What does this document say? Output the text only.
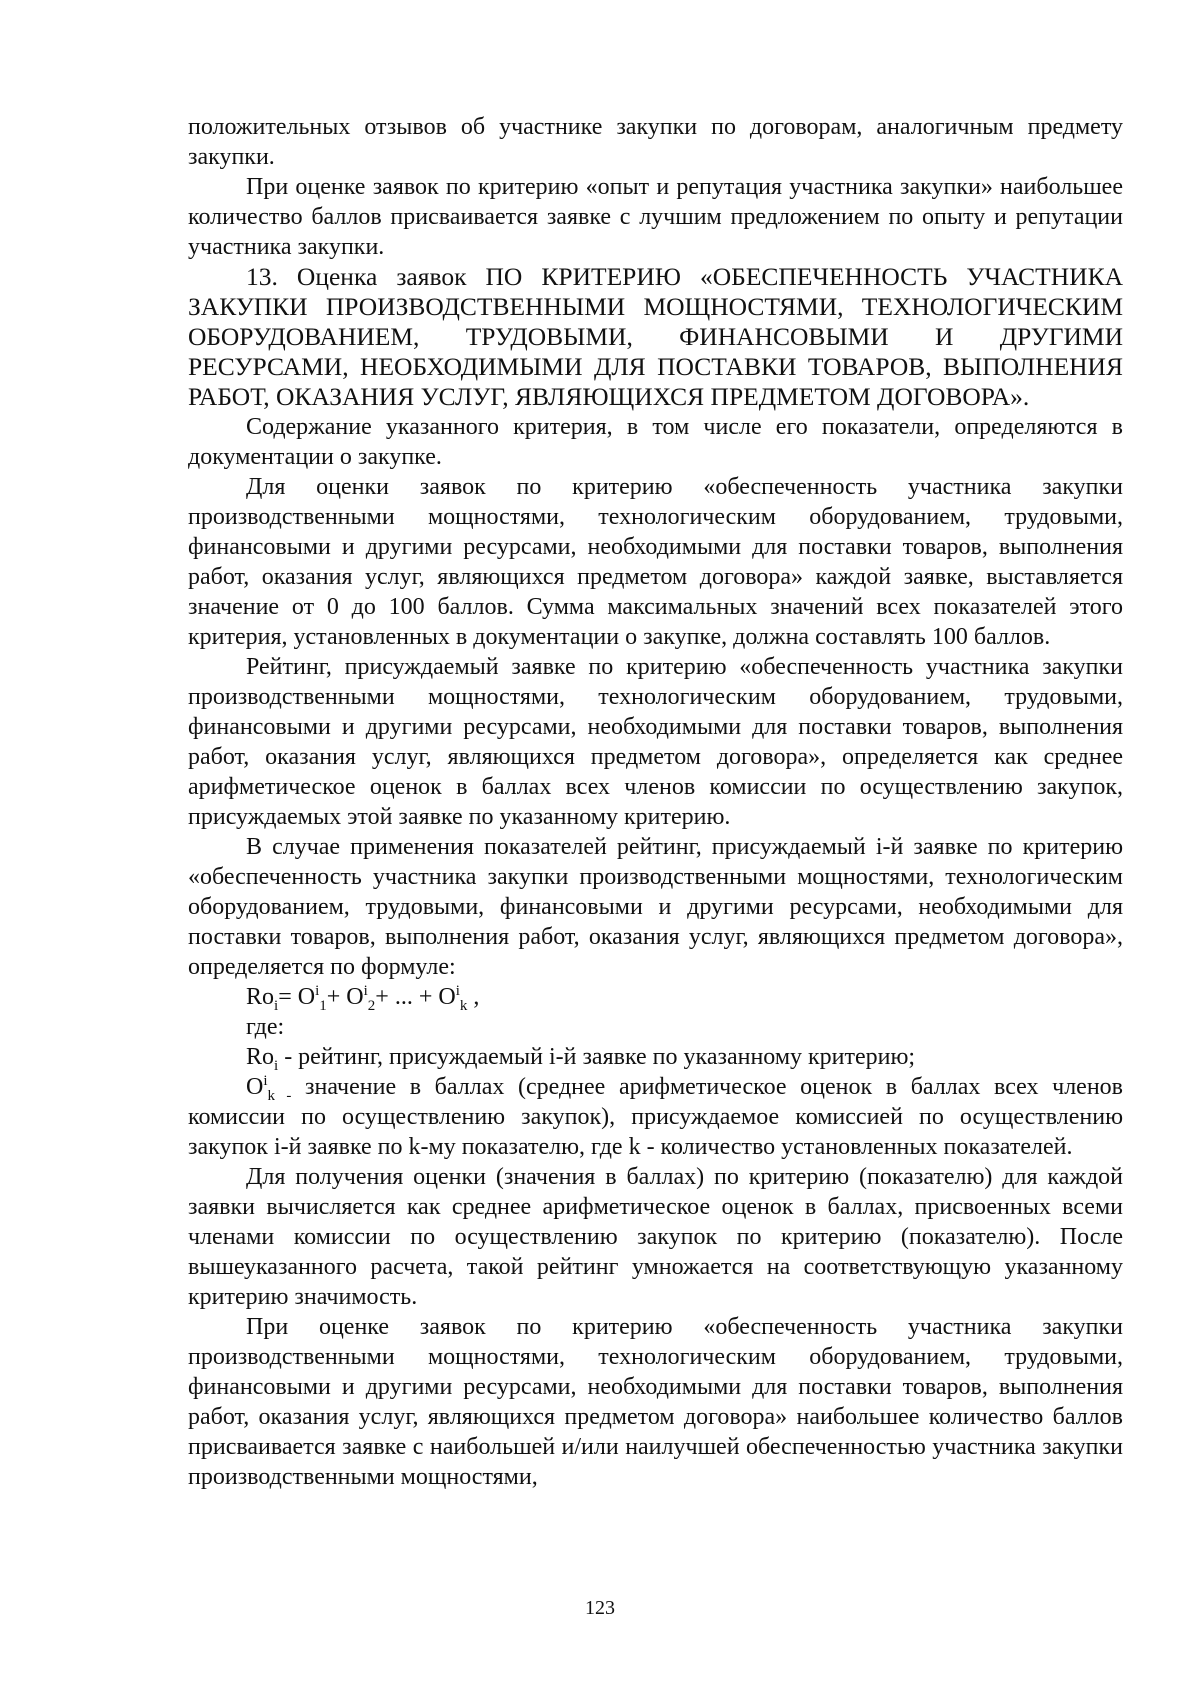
положительных отзывов об участнике закупки по договорам, аналогичным предмету закупки.

При оценке заявок по критерию «опыт и репутация участника закупки» наибольшее количество баллов присваивается заявке с лучшим предложением по опыту и репутации участника закупки.

13. Оценка заявок ПО КРИТЕРИЮ «ОБЕСПЕЧЕННОСТЬ УЧАСТНИКА ЗАКУПКИ ПРОИЗВОДСТВЕННЫМИ МОЩНОСТЯМИ, ТЕХНОЛОГИЧЕСКИМ ОБОРУДОВАНИЕМ, ТРУДОВЫМИ, ФИНАНСОВЫМИ И ДРУГИМИ РЕСУРСАМИ, НЕОБХОДИМЫМИ ДЛЯ ПОСТАВКИ ТОВАРОВ, ВЫПОЛНЕНИЯ РАБОТ, ОКАЗАНИЯ УСЛУГ, ЯВЛЯЮЩИХСЯ ПРЕДМЕТОМ ДОГОВОРА».

Содержание указанного критерия, в том числе его показатели, определяются в документации о закупке.

Для оценки заявок по критерию «обеспеченность участника закупки производственными мощностями, технологическим оборудованием, трудовыми, финансовыми и другими ресурсами, необходимыми для поставки товаров, выполнения работ, оказания услуг, являющихся предметом договора» каждой заявке, выставляется значение от 0 до 100 баллов. Сумма максимальных значений всех показателей этого критерия, установленных в документации о закупке, должна составлять 100 баллов.

Рейтинг, присуждаемый заявке по критерию «обеспеченность участника закупки производственными мощностями, технологическим оборудованием, трудовыми, финансовыми и другими ресурсами, необходимыми для поставки товаров, выполнения работ, оказания услуг, являющихся предметом договора», определяется как среднее арифметическое оценок в баллах всех членов комиссии по осуществлению закупок, присуждаемых этой заявке по указанному критерию.

В случае применения показателей рейтинг, присуждаемый i-й заявке по критерию «обеспеченность участника закупки производственными мощностями, технологическим оборудованием, трудовыми, финансовыми и другими ресурсами, необходимыми для поставки товаров, выполнения работ, оказания услуг, являющихся предметом договора», определяется по формуле:

$Ro_i= O^i_1+ O^i_2+$ ... + $O^i_k$ ,

где:

$Ro_i$ - рейтинг, присуждаемый i-й заявке по указанному критерию;

$O^i_{k -}$ значение в баллах (среднее арифметическое оценок в баллах всех членов комиссии по осуществлению закупок), присуждаемое комиссией по осуществлению закупок i-й заявке по k-му показателю, где k - количество установленных показателей.

Для получения оценки (значения в баллах) по критерию (показателю) для каждой заявки вычисляется как среднее арифметическое оценок в баллах, присвоенных всеми членами комиссии по осуществлению закупок по критерию (показателю). После вышеуказанного расчета, такой рейтинг умножается на соответствующую указанному критерию значимость.

При оценке заявок по критерию «обеспеченность участника закупки производственными мощностями, технологическим оборудованием, трудовыми, финансовыми и другими ресурсами, необходимыми для поставки товаров, выполнения работ, оказания услуг, являющихся предметом договора» наибольшее количество баллов присваивается заявке с наибольшей и/или наилучшей обеспеченностью участника закупки производственными мощностями,

123
